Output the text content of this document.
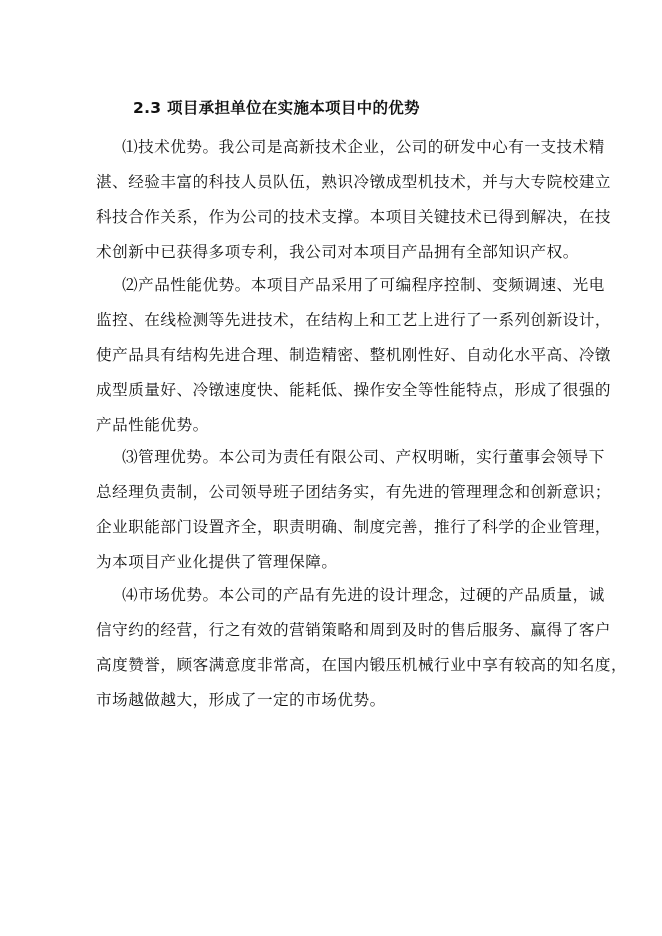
2.3 项目承担单位在实施本项目中的优势
⑴技术优势。我公司是高新技术企业，公司的研发中心有一支技术精
湛、经验丰富的科技人员队伍，熟识冷镦成型机技术，并与大专院校建立
科技合作关系，作为公司的技术支撑。本项目关键技术已得到解决，在技
术创新中已获得多项专利，我公司对本项目产品拥有全部知识产权。
⑵产品性能优势。本项目产品采用了可编程序控制、变频调速、光电
监控、在线检测等先进技术，在结构上和工艺上进行了一系列创新设计，
使产品具有结构先进合理、制造精密、整机刚性好、自动化水平高、冷镦
成型质量好、冷镦速度快、能耗低、操作安全等性能特点，形成了很强的
产品性能优势。
⑶管理优势。本公司为责任有限公司、产权明晰，实行董事会领导下
总经理负责制，公司领导班子团结务实，有先进的管理理念和创新意识；
企业职能部门设置齐全，职责明确、制度完善，推行了科学的企业管理，
为本项目产业化提供了管理保障。
⑷市场优势。本公司的产品有先进的设计理念，过硬的产品质量，诚
信守约的经营，行之有效的营销策略和周到及时的售后服务、赢得了客户
高度赞誉，顾客满意度非常高，在国内锻压机械行业中享有较高的知名度，
市场越做越大，形成了一定的市场优势。
